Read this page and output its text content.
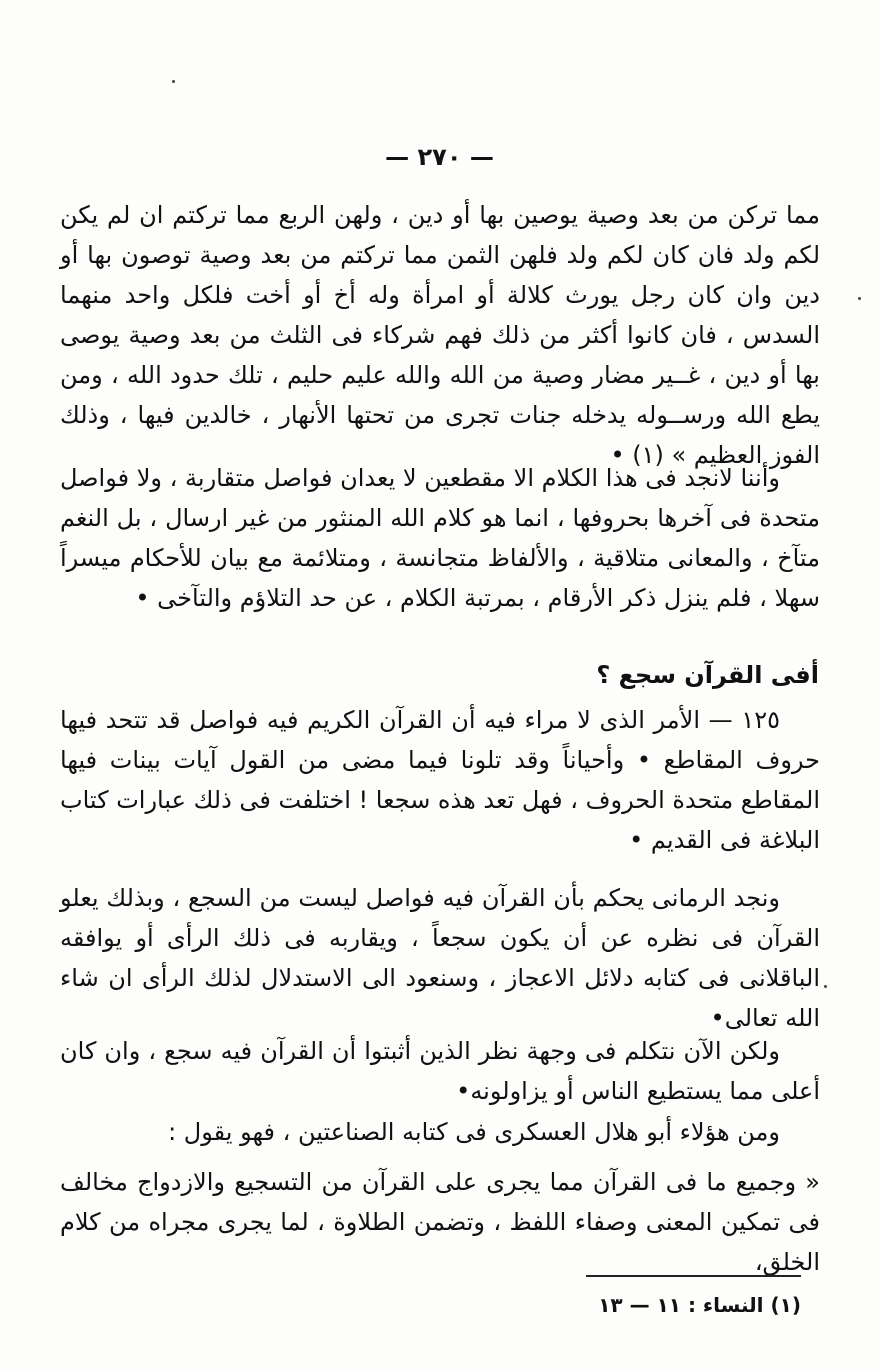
— ٢٧٠ —

مما تركن من بعد وصية يوصين بها أو دين ، ولهن الربع مما تركتم ان لم يكن لكم ولد فان كان لكم ولد فلهن الثمن مما تركتم من بعد وصية توصون بها أو دين وان كان رجل يورث كلالة أو امرأة وله أخ أو أخت فلكل واحد منهما السدس ، فان كانوا أكثر من ذلك فهم شركاء فى الثلث من بعد وصية يوصى بها أو دين ، غــير مضار وصية من الله والله عليم حليم ، تلك حدود الله ، ومن يطع الله ورســوله يدخله جنات تجرى من تحتها الأنهار ، خالدين فيها ، وذلك الفوز العظيم » (١) •

وأننا لانجد فى هذا الكلام الا مقطعين لا يعدان فواصل متقاربة ، ولا فواصل متحدة فى آخرها بحروفها ، انما هو كلام الله المنثور من غير ارسال ، بل النغم متآخ ، والمعانى متلاقية ، والألفاظ متجانسة ، ومتلائمة مع بيان للأحكام ميسراً سهلا ، فلم ينزل ذكر الأرقام ، بمرتبة الكلام ، عن حد التلاؤم والتآخى •

أفى القرآن سجع ؟

١٢٥ — الأمر الذى لا مراء فيه أن القرآن الكريم فيه فواصل قد تتحد فيها حروف المقاطع • وأحياناً وقد تلونا فيما مضى من القول آيات بينات فيها المقاطع متحدة الحروف ، فهل تعد هذه سجعا ! اختلفت فى ذلك عبارات كتاب البلاغة فى القديم •

ونجد الرمانى يحكم بأن القرآن فيه فواصل ليست من السجع ، وبذلك يعلو القرآن فى نظره عن أن يكون سجعاً ، ويقاربه فى ذلك الرأى أو يوافقه الباقلانى فى كتابه دلائل الاعجاز ، وسنعود الى الاستدلال لذلك الرأى ان شاء الله تعالى•

ولكن الآن نتكلم فى وجهة نظر الذين أثبتوا أن القرآن فيه سجع ، وان كان أعلى مما يستطيع الناس أو يزاولونه•

ومن هؤلاء أبو هلال العسكرى فى كتابه الصناعتين ، فهو يقول :

« وجميع ما فى القرآن مما يجرى على القرآن من التسجيع والازدواج مخالف فى تمكين المعنى وصفاء اللفظ ، وتضمن الطلاوة ، لما يجرى مجراه من كلام الخلق،

(١) النساء : ١١ — ١٣
